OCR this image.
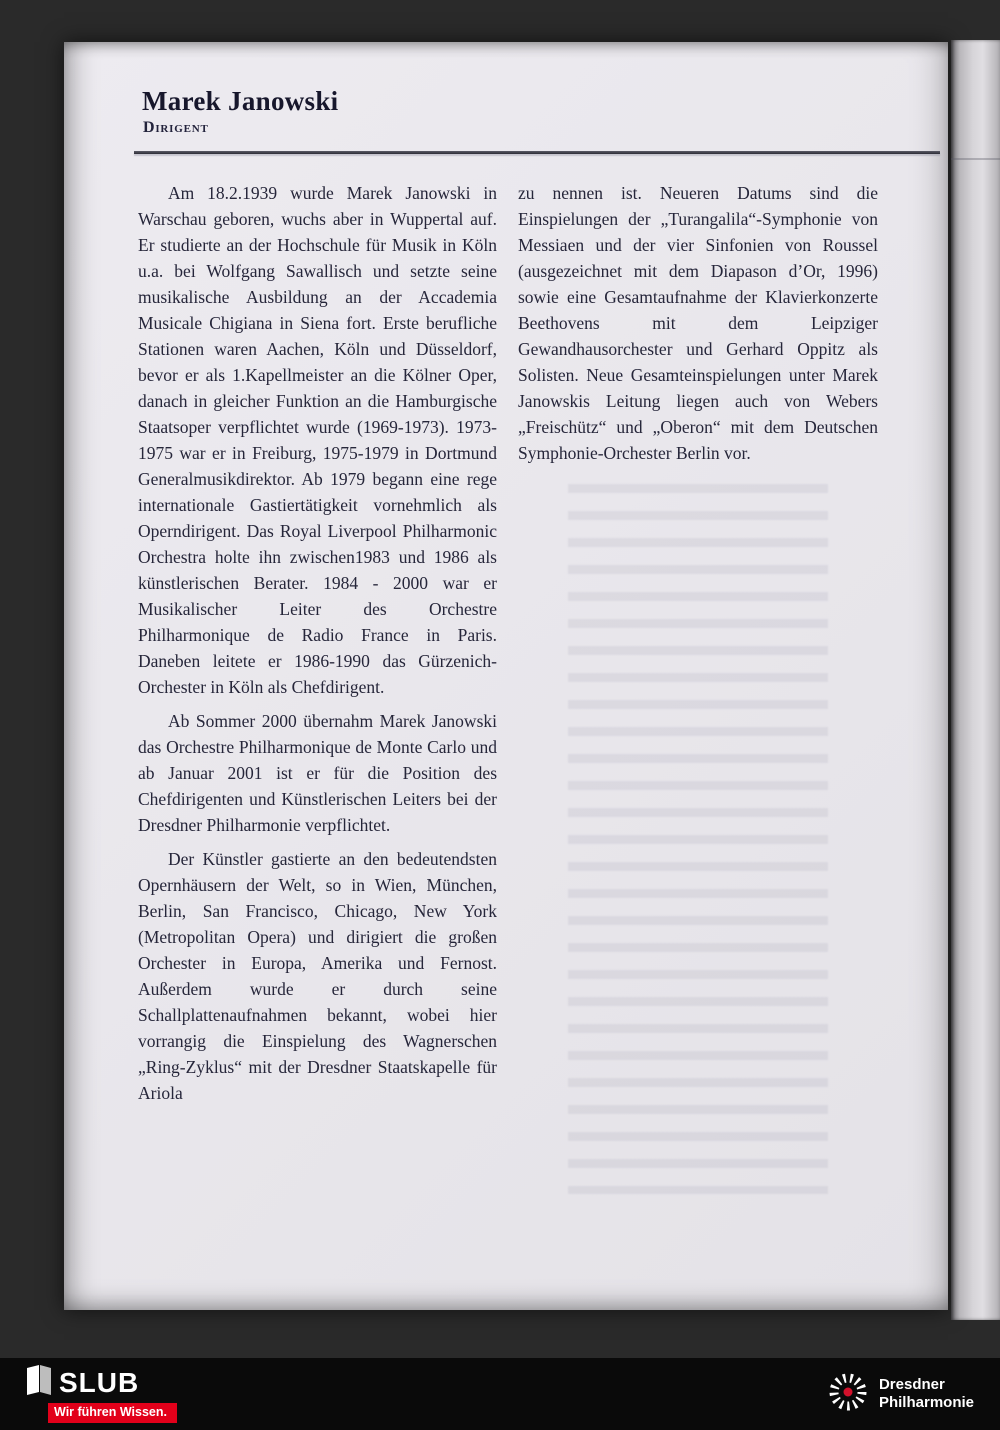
Marek Janowski
Dirigent

Am 18.2.1939 wurde Marek Janowski in Warschau geboren, wuchs aber in Wuppertal auf. Er studierte an der Hochschule für Musik in Köln u.a. bei Wolfgang Sawallisch und setzte seine musikalische Ausbildung an der Accademia Musicale Chigiana in Siena fort. Erste berufliche Stationen waren Aachen, Köln und Düsseldorf, bevor er als 1.Kapellmeister an die Kölner Oper, danach in gleicher Funktion an die Hamburgische Staatsoper verpflichtet wurde (1969-1973). 1973-1975 war er in Freiburg, 1975-1979 in Dortmund Generalmusikdirektor. Ab 1979 begann eine rege internationale Gastiertätigkeit vornehmlich als Operndirigent. Das Royal Liverpool Philharmonic Orchestra holte ihn zwischen1983 und 1986 als künstlerischen Berater. 1984 - 2000 war er Musikalischer Leiter des Orchestre Philharmonique de Radio France in Paris. Daneben leitete er 1986-1990 das Gürzenich-Orchester in Köln als Chefdirigent.

Ab Sommer 2000 übernahm Marek Janowski das Orchestre Philharmonique de Monte Carlo und ab Januar 2001 ist er für die Position des Chefdirigenten und Künstlerischen Leiters bei der Dresdner Philharmonie verpflichtet.

Der Künstler gastierte an den bedeutendsten Opernhäusern der Welt, so in Wien, München, Berlin, San Francisco, Chicago, New York (Metropolitan Opera) und dirigiert die großen Orchester in Europa, Amerika und Fernost. Außerdem wurde er durch seine Schallplattenaufnahmen bekannt, wobei hier vorrangig die Einspielung des Wagnerschen „Ring-Zyklus“ mit der Dresdner Staatskapelle für Ariola

zu nennen ist. Neueren Datums sind die Einspielungen der „Turangalila“-Symphonie von Messiaen und der vier Sinfonien von Roussel (ausgezeichnet mit dem Diapason d’Or, 1996) sowie eine Gesamtaufnahme der Klavierkonzerte Beethovens mit dem Leipziger Gewandhausorchester und Gerhard Oppitz als Solisten. Neue Gesamteinspielungen unter Marek Janowskis Leitung liegen auch von Webers „Freischütz“ und „Oberon“ mit dem Deutschen Symphonie-Orchester Berlin vor.

SLUB
Wir führen Wissen.
Dresdner
Philharmonie
